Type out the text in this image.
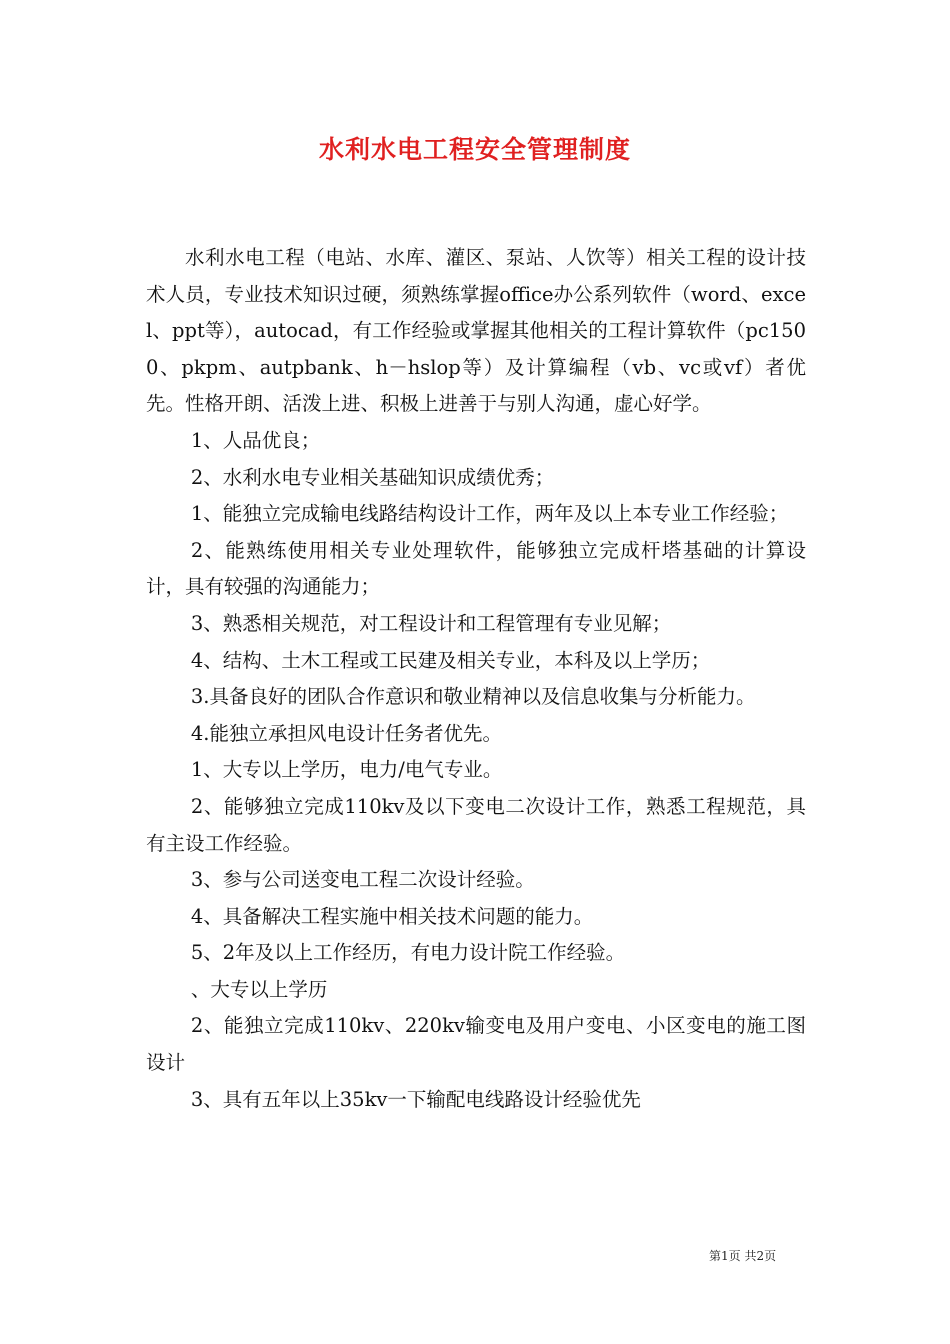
水利水电工程安全管理制度

水利水电工程（电站、水库、灌区、泵站、人饮等）相关工程的设计技术人员，专业技术知识过硬，须熟练掌握office办公系列软件（word、excel、ppt等），autocad，有工作经验或掌握其他相关的工程计算软件（pc1500、pkpm、autpbank、h－hslop等）及计算编程（vb、vc或vf）者优先。性格开朗、活泼上进、积极上进善于与别人沟通，虚心好学。

1、人品优良；

2、水利水电专业相关基础知识成绩优秀；

1、能独立完成输电线路结构设计工作，两年及以上本专业工作经验；

2、能熟练使用相关专业处理软件，能够独立完成杆塔基础的计算设计，具有较强的沟通能力；

3、熟悉相关规范，对工程设计和工程管理有专业见解；

4、结构、土木工程或工民建及相关专业，本科及以上学历；

3.具备良好的团队合作意识和敬业精神以及信息收集与分析能力。

4.能独立承担风电设计任务者优先。

1、大专以上学历，电力/电气专业。

2、能够独立完成110kv及以下变电二次设计工作，熟悉工程规范，具有主设工作经验。

3、参与公司送变电工程二次设计经验。

4、具备解决工程实施中相关技术问题的能力。

5、2年及以上工作经历，有电力设计院工作经验。

、大专以上学历

2、能独立完成110kv、220kv输变电及用户变电、小区变电的施工图设计

3、具有五年以上35kv一下输配电线路设计经验优先

第1页 共2页
